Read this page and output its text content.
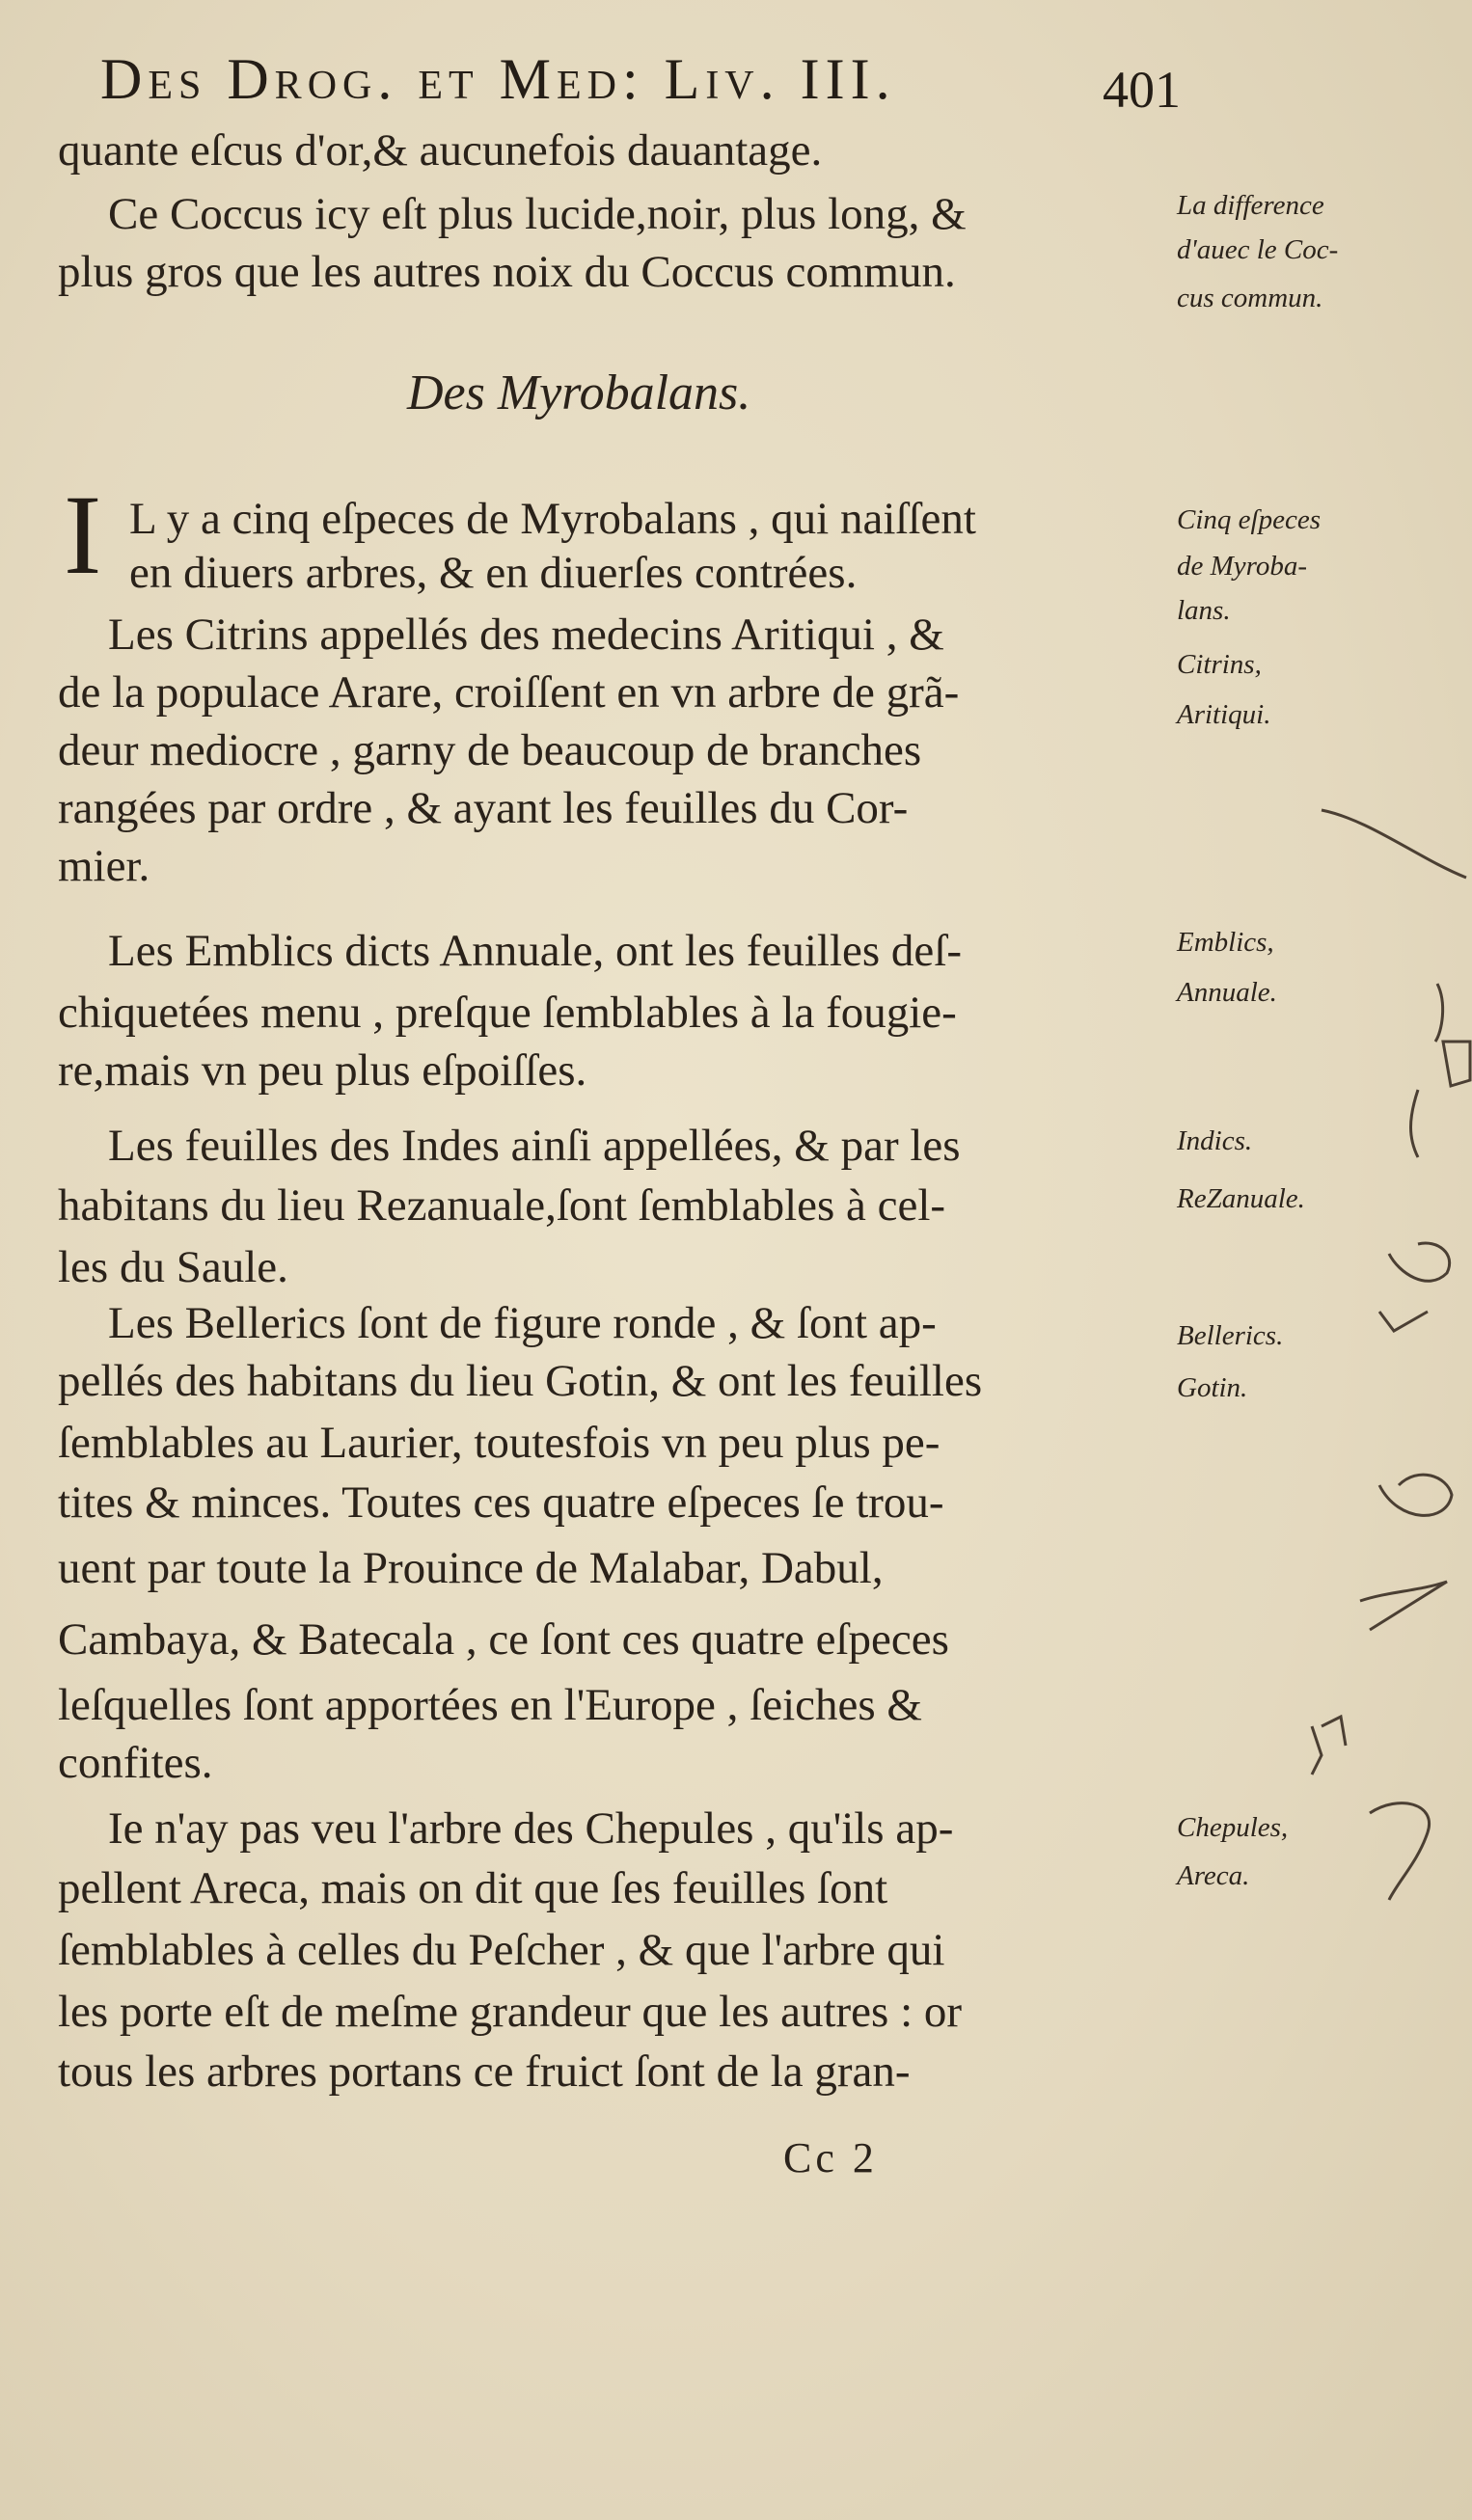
Des Drog. et Med: Liv. III.	401
quante eſcus d'or,& aucunefois dauantage.
Ce Coccus icy eſt plus lucide,noir, plus long, &
plus gros que les autres noix du Coccus commun.
Des Myrobalans.
I L y a cinq eſpeces de Myrobalans , qui naiſſent
en diuers arbres, & en diuerſes contrées.
Les Citrins appellés des medecins Aritiqui , &
de la populace Arare, croiſſent en vn arbre de grã-
deur mediocre , garny de beaucoup de branches
rangées par ordre , & ayant les feuilles du Cor-
mier.
Les Emblics dicts Annuale, ont les feuilles deſ-
chiquetées menu , preſque ſemblables à la fougie-
re,mais vn peu plus eſpoiſſes.
Les feuilles des Indes ainſi appellées, & par les
habitans du lieu Rezanuale,ſont ſemblables à cel-
les du Saule.
Les Bellerics ſont de figure ronde , & ſont ap-
pellés des habitans du lieu Gotin, & ont les feuilles
ſemblables au Laurier, toutesfois vn peu plus pe-
tites & minces. Toutes ces quatre eſpeces ſe trou-
uent par toute la Prouince de Malabar, Dabul,
Cambaya, & Batecala , ce ſont ces quatre eſpeces
leſquelles ſont apportées en l'Europe , ſeiches &
confites.
Ie n'ay pas veu l'arbre des Chepules , qu'ils ap-
pellent Areca, mais on dit que ſes feuilles ſont
ſemblables à celles du Peſcher , & que l'arbre qui
les porte eſt de meſme grandeur que les autres : or
tous les arbres portans ce fruict ſont de la gran-
Cc 2
La difference
d'auec le Coc-
cus commun.
Cinq eſpeces
de Myroba-
lans.
Citrins,
Aritiqui.
Emblics,
Annuale.
Indics.
ReZanuale.
Bellerics.
Gotin.
Chepules,
Areca.
